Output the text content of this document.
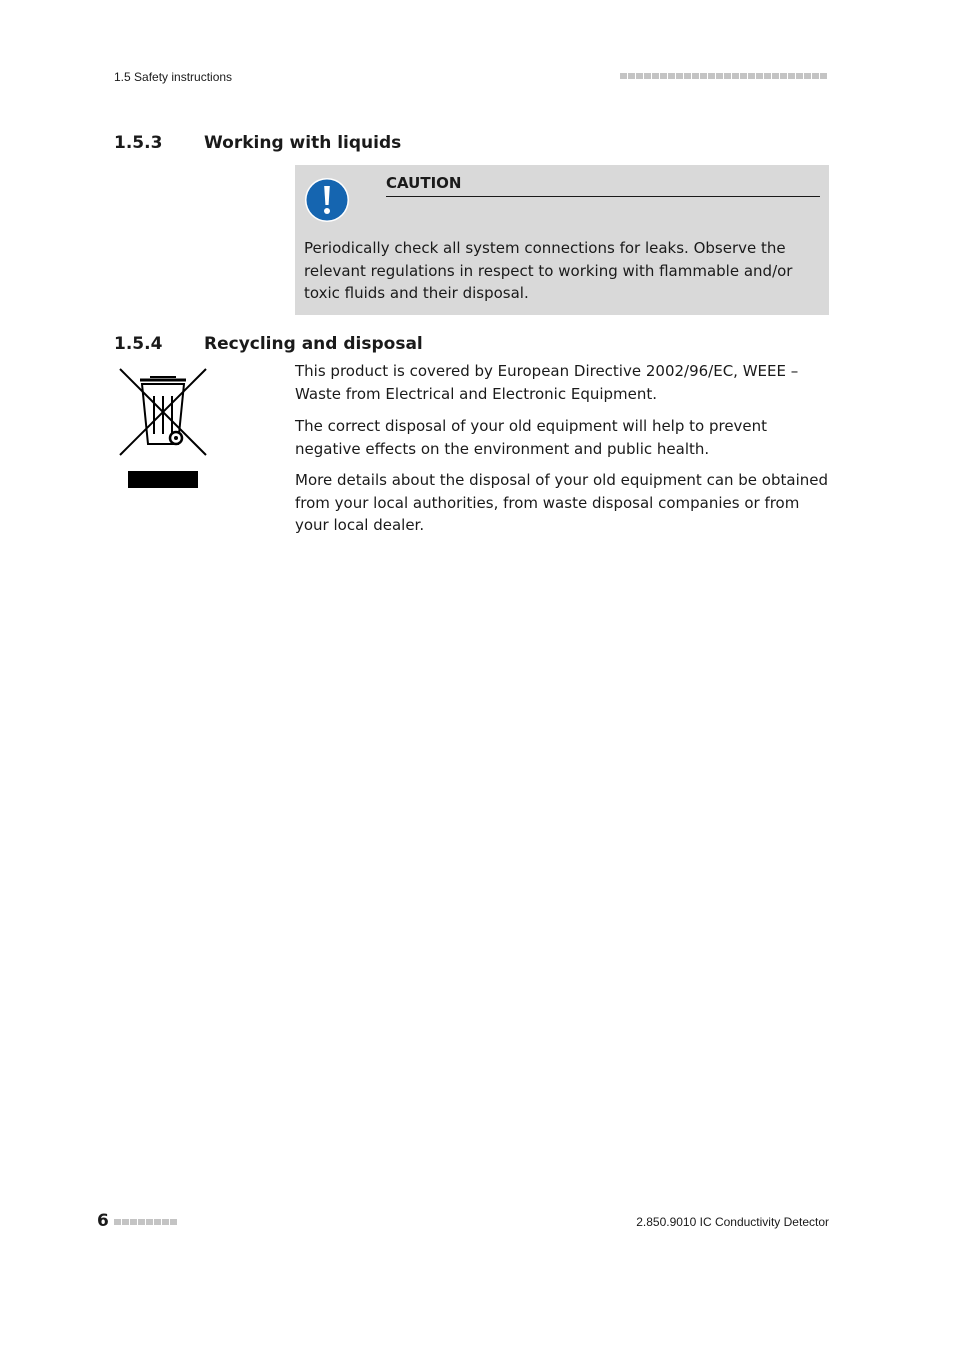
1.5 Safety instructions
1.5.3 Working with liquids
CAUTION
Periodically check all system connections for leaks. Observe the relevant regulations in respect to working with flammable and/or toxic fluids and their disposal.
1.5.4 Recycling and disposal

This product is covered by European Directive 2002/96/EC, WEEE – Waste from Electrical and Electronic Equipment.

The correct disposal of your old equipment will help to prevent negative effects on the environment and public health.

More details about the disposal of your old equipment can be obtained from your local authorities, from waste disposal companies or from your local dealer.

6	2.850.9010 IC Conductivity Detector
